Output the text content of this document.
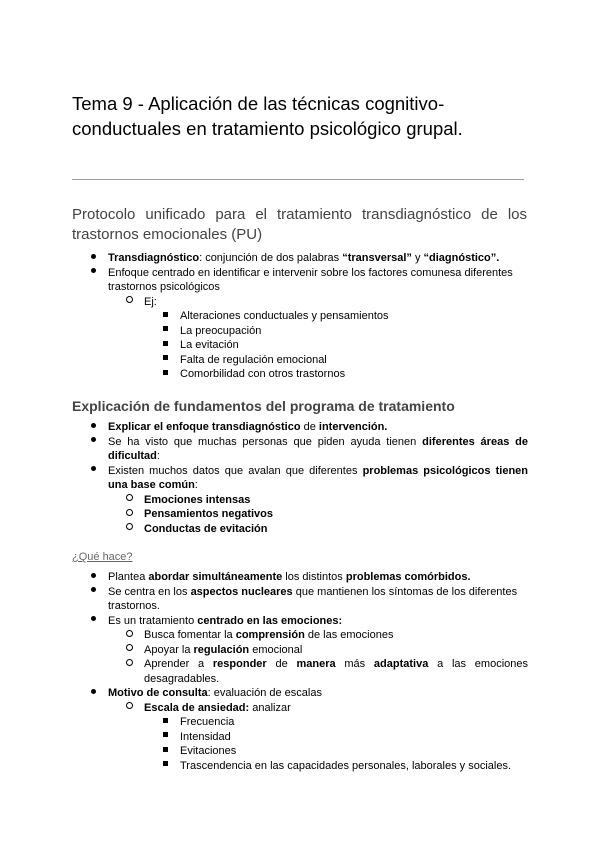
Tema 9 - Aplicación de las técnicas cognitivo-conductuales en tratamiento psicológico grupal.
Protocolo unificado para el tratamiento transdiagnóstico de los trastornos emocionales (PU)
Transdiagnóstico: conjunción de dos palabras “transversal” y “diagnóstico”.
Enfoque centrado en identificar e intervenir sobre los factores comunesa diferentes trastornos psicológicos
Ej:
Alteraciones conductuales y pensamientos
La preocupación
La evitación
Falta de regulación emocional
Comorbilidad con otros trastornos
Explicación de fundamentos del programa de tratamiento
Explicar el enfoque transdiagnóstico de intervención.
Se ha visto que muchas personas que piden ayuda tienen diferentes áreas de dificultad:
Existen muchos datos que avalan que diferentes problemas psicológicos tienen una base común:
Emociones intensas
Pensamientos negativos
Conductas de evitación
¿Qué hace?
Plantea abordar simultáneamente los distintos problemas comórbidos.
Se centra en los aspectos nucleares que mantienen los síntomas de los diferentes trastornos.
Es un tratamiento centrado en las emociones:
Busca fomentar la comprensión de las emociones
Apoyar la regulación emocional
Aprender a responder de manera más adaptativa a las emociones desagradables.
Motivo de consulta: evaluación de escalas
Escala de ansiedad: analizar
Frecuencia
Intensidad
Evitaciones
Trascendencia en las capacidades personales, laborales y sociales.
